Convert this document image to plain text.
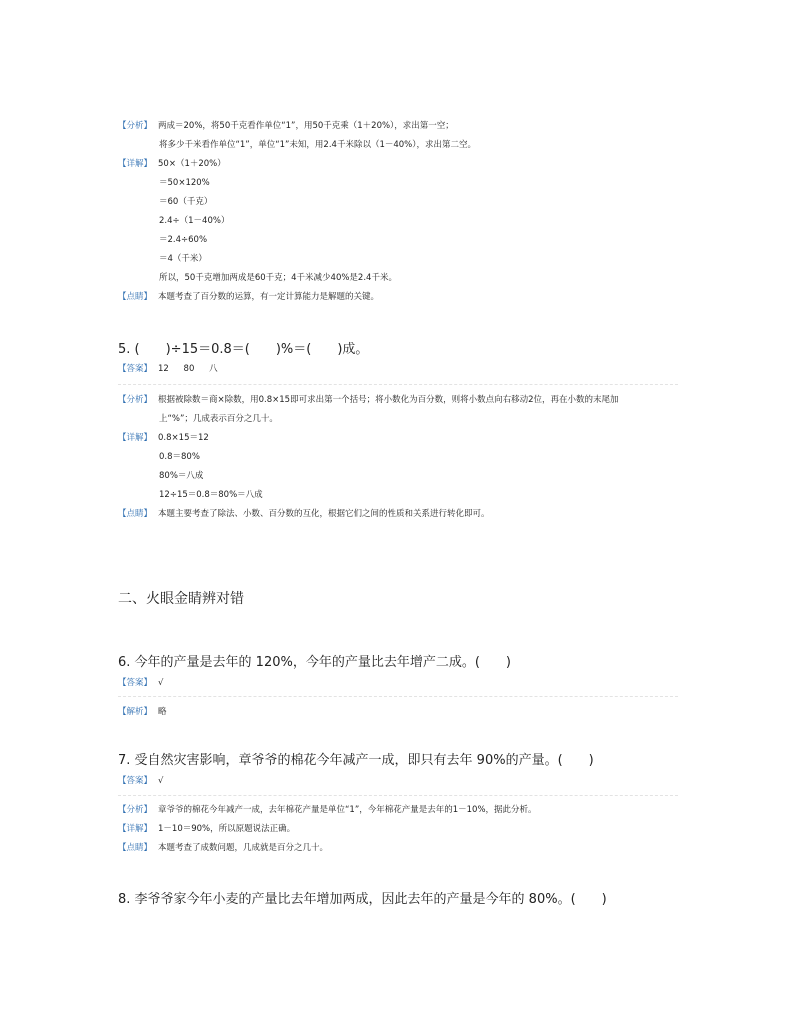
【分析】 两成＝20%，将50千克看作单位“1”，用50千克乘（1＋20%），求出第一空；
将多少千米看作单位“1”，单位“1”未知，用2.4千米除以（1－40%），求出第二空。
【详解】 50×（1＋20%）
＝50×120%
＝60（千克）
2.4÷（1－40%）
＝2.4÷60%
＝4（千米）
所以，50千克增加两成是60千克；4千米减少40%是2.4千米。
【点睛】 本题考查了百分数的运算，有一定计算能力是解题的关键。
5. (　　)÷15＝0.8＝(　　)%＝(　　)成。
【答案】 12 80 八
【分析】 根据被除数＝商×除数，用0.8×15即可求出第一个括号；将小数化为百分数，则将小数点向右移动2位，再在小数的末尾加
上“%”；几成表示百分之几十。
【详解】 0.8×15＝12
0.8＝80%
80%＝八成
12÷15＝0.8＝80%＝八成
【点睛】 本题主要考查了除法、小数、百分数的互化，根据它们之间的性质和关系进行转化即可。
二、火眼金睛辨对错
6. 今年的产量是去年的 120%，今年的产量比去年增产二成。(　　)
【答案】 √
【解析】 略
7. 受自然灾害影响，章爷爷的棉花今年减产一成，即只有去年 90%的产量。(　　)
【答案】 √
【分析】 章爷爷的棉花今年减产一成，去年棉花产量是单位“1”，今年棉花产量是去年的1－10%，据此分析。
【详解】 1－10＝90%，所以原题说法正确。
【点睛】 本题考查了成数问题，几成就是百分之几十。
8. 李爷爷家今年小麦的产量比去年增加两成，因此去年的产量是今年的 80%。(　　)
